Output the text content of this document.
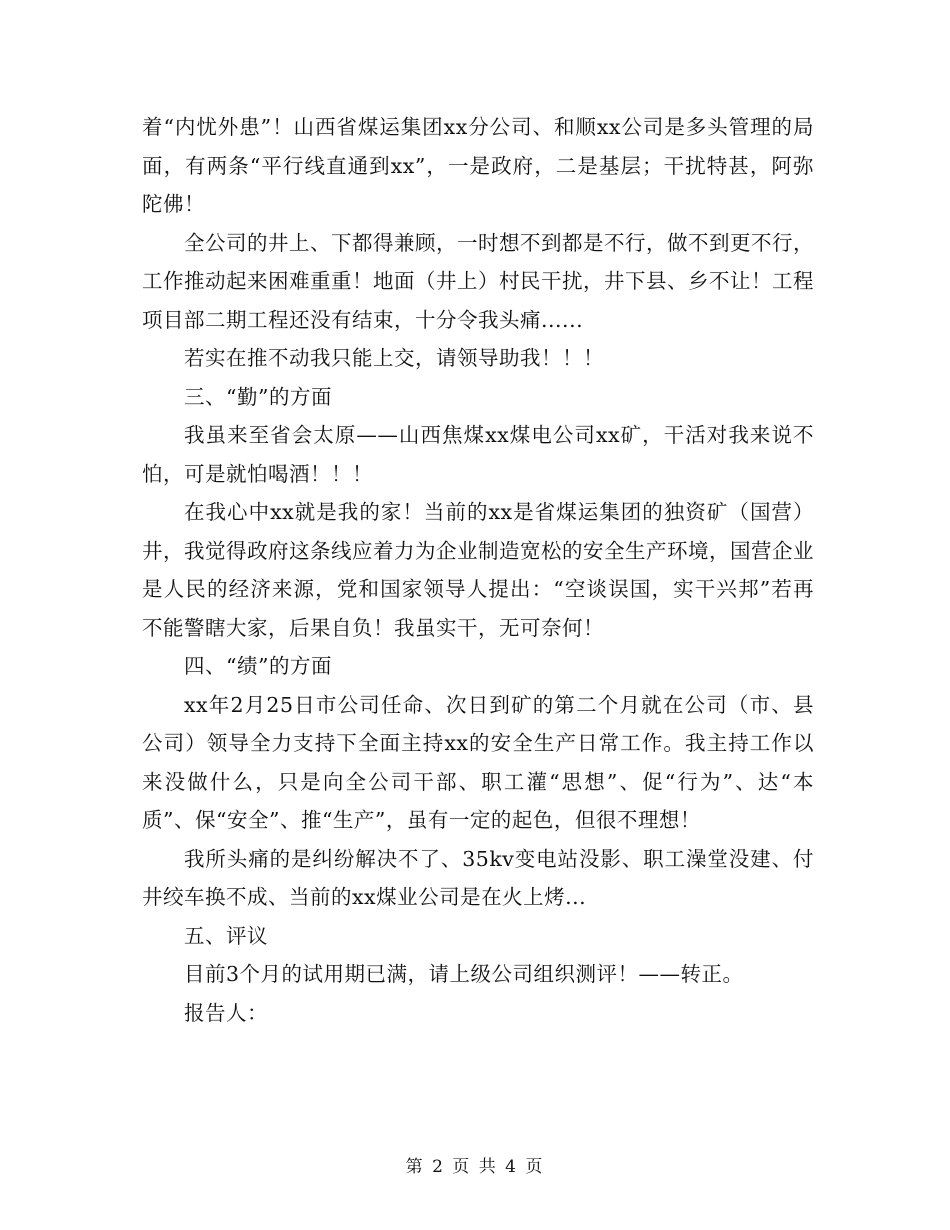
着“内忧外患”！山西省煤运集团xx分公司、和顺xx公司是多头管理的局面，有两条“平行线直通到xx”，一是政府，二是基层；干扰特甚，阿弥陀佛！

全公司的井上、下都得兼顾，一时想不到都是不行，做不到更不行，工作推动起来困难重重！地面（井上）村民干扰，井下县、乡不让！工程项目部二期工程还没有结束，十分令我头痛......

若实在推不动我只能上交，请领导助我！！！

三、“勤”的方面

我虽来至省会太原——山西焦煤xx煤电公司xx矿，干活对我来说不怕，可是就怕喝酒！！！

在我心中xx就是我的家！当前的xx是省煤运集团的独资矿（国营）井，我觉得政府这条线应着力为企业制造宽松的安全生产环境，国营企业是人民的经济来源，党和国家领导人提出：“空谈误国，实干兴邦”若再不能警瞎大家，后果自负！我虽实干，无可奈何！

四、“绩”的方面

xx年2月25日市公司任命、次日到矿的第二个月就在公司（市、县公司）领导全力支持下全面主持xx的安全生产日常工作。我主持工作以来没做什么，只是向全公司干部、职工灌“思想”、促“行为”、达“本质”、保“安全”、推“生产”，虽有一定的起色，但很不理想！

我所头痛的是纠纷解决不了、35kv变电站没影、职工澡堂没建、付井绞车换不成、当前的xx煤业公司是在火上烤...

五、评议

目前3个月的试用期已满，请上级公司组织测评！——转正。

报告人：

第 2 页 共 4 页
